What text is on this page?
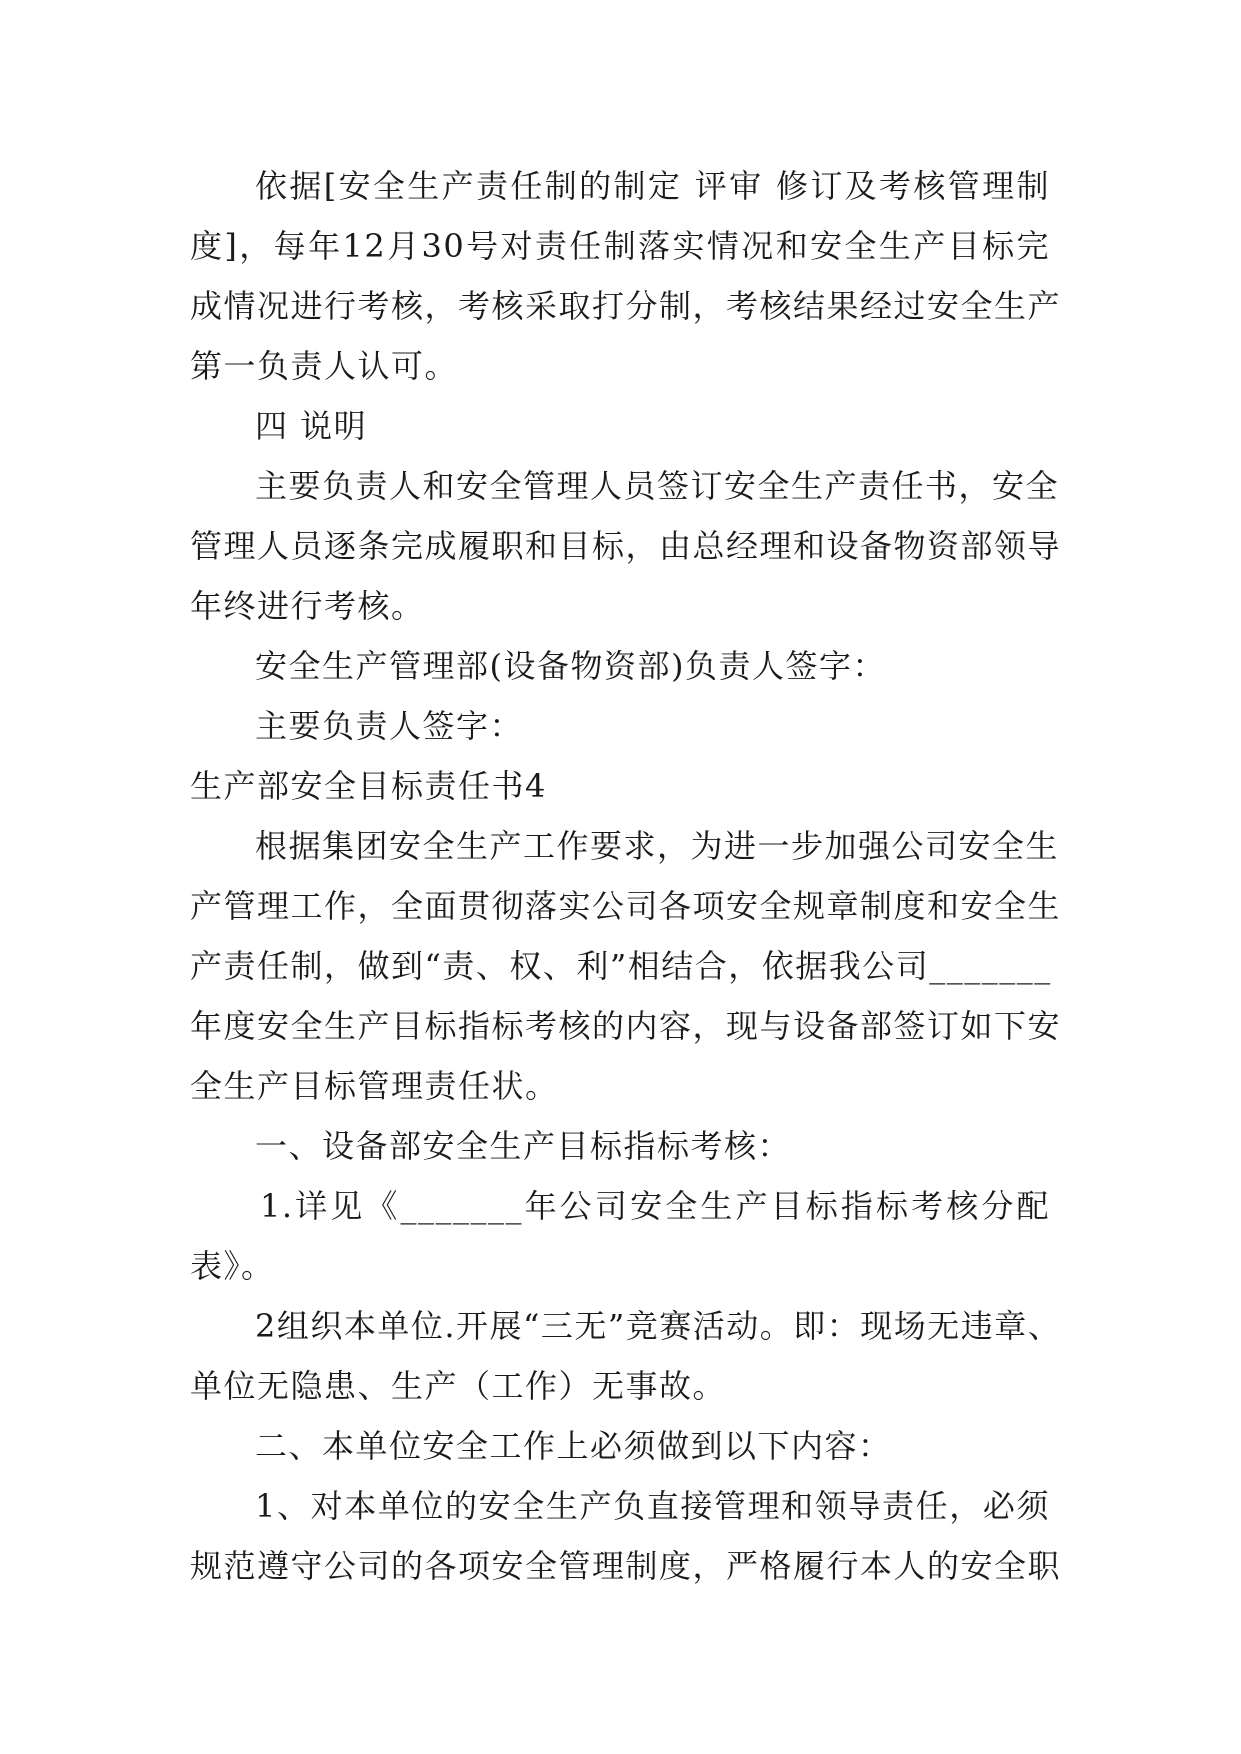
依据[安全生产责任制的制定 评审 修订及考核管理制
度]，每年12月30号对责任制落实情况和安全生产目标完
成情况进行考核，考核采取打分制，考核结果经过安全生产
第一负责人认可。
四 说明
主要负责人和安全管理人员签订安全生产责任书，安全
管理人员逐条完成履职和目标，由总经理和设备物资部领导
年终进行考核。
安全生产管理部(设备物资部)负责人签字：
主要负责人签字：
生产部安全目标责任书4
根据集团安全生产工作要求，为进一步加强公司安全生
产管理工作，全面贯彻落实公司各项安全规章制度和安全生
产责任制，做到“责、权、利”相结合，依据我公司_______
年度安全生产目标指标考核的内容，现与设备部签订如下安
全生产目标管理责任状。
一、设备部安全生产目标指标考核：
1.详见《_______年公司安全生产目标指标考核分配
表》。
2组织本单位.开展“三无”竞赛活动。即：现场无违章、
单位无隐患、生产（工作）无事故。
二、本单位安全工作上必须做到以下内容：
1、对本单位的安全生产负直接管理和领导责任，必须
规范遵守公司的各项安全管理制度，严格履行本人的安全职
